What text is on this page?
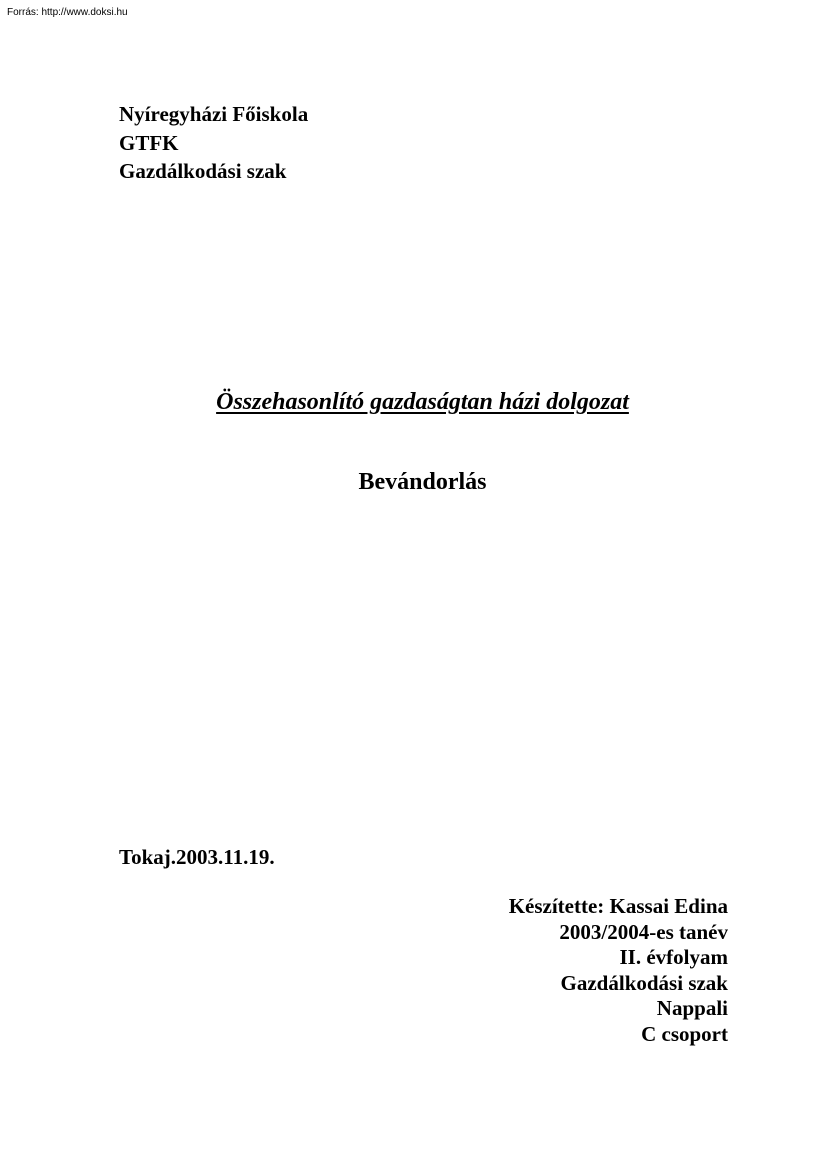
Forrás: http://www.doksi.hu
Nyíregyházi Főiskola
GTFK
Gazdálkodási szak
Összehasonlító gazdaságtan házi dolgozat
Bevándorlás
Tokaj.2003.11.19.
Készítette: Kassai Edina
2003/2004-es tanév
II. évfolyam
Gazdálkodási szak
Nappali
C csoport
